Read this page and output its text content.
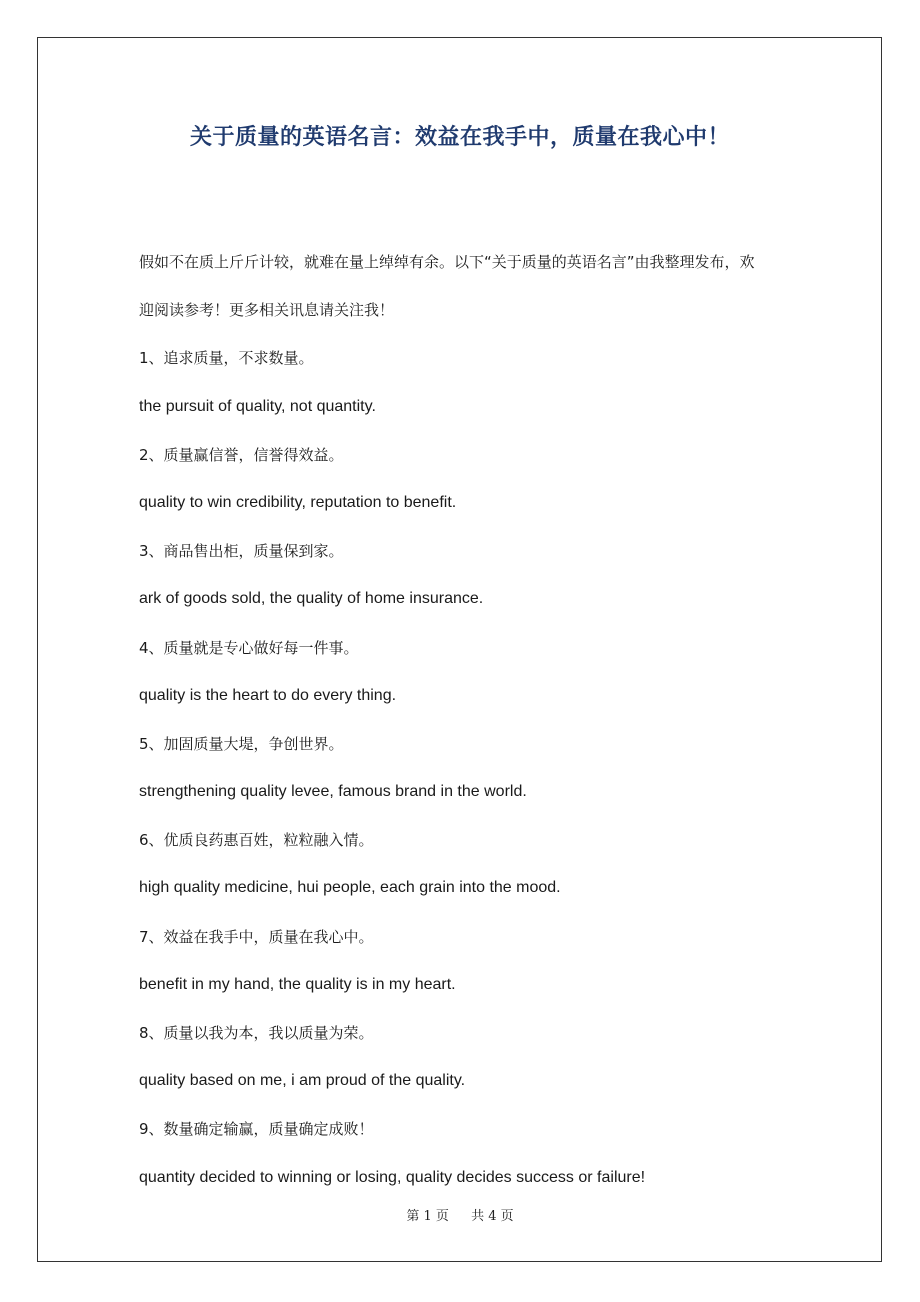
关于质量的英语名言：效益在我手中，质量在我心中！
假如不在质上斤斤计较，就难在量上绰绰有余。以下“关于质量的英语名言”由我整理发布，欢
迎阅读参考！更多相关讯息请关注我！
1、追求质量，不求数量。
the pursuit of quality, not quantity.
2、质量赢信誉，信誉得效益。
quality to win credibility, reputation to benefit.
3、商品售出柜，质量保到家。
ark of goods sold, the quality of home insurance.
4、质量就是专心做好每一件事。
quality is the heart to do every thing.
5、加固质量大堤，争创世界。
strengthening quality levee, famous brand in the world.
6、优质良药惠百姓，粒粒融入情。
high quality medicine, hui people, each grain into the mood.
7、效益在我手中，质量在我心中。
benefit in my hand, the quality is in my heart.
8、质量以我为本，我以质量为荣。
quality based on me, i am proud of the quality.
9、数量确定输赢，质量确定成败！
quantity decided to winning or losing, quality decides success or failure!
第 1 页 共 4 页
